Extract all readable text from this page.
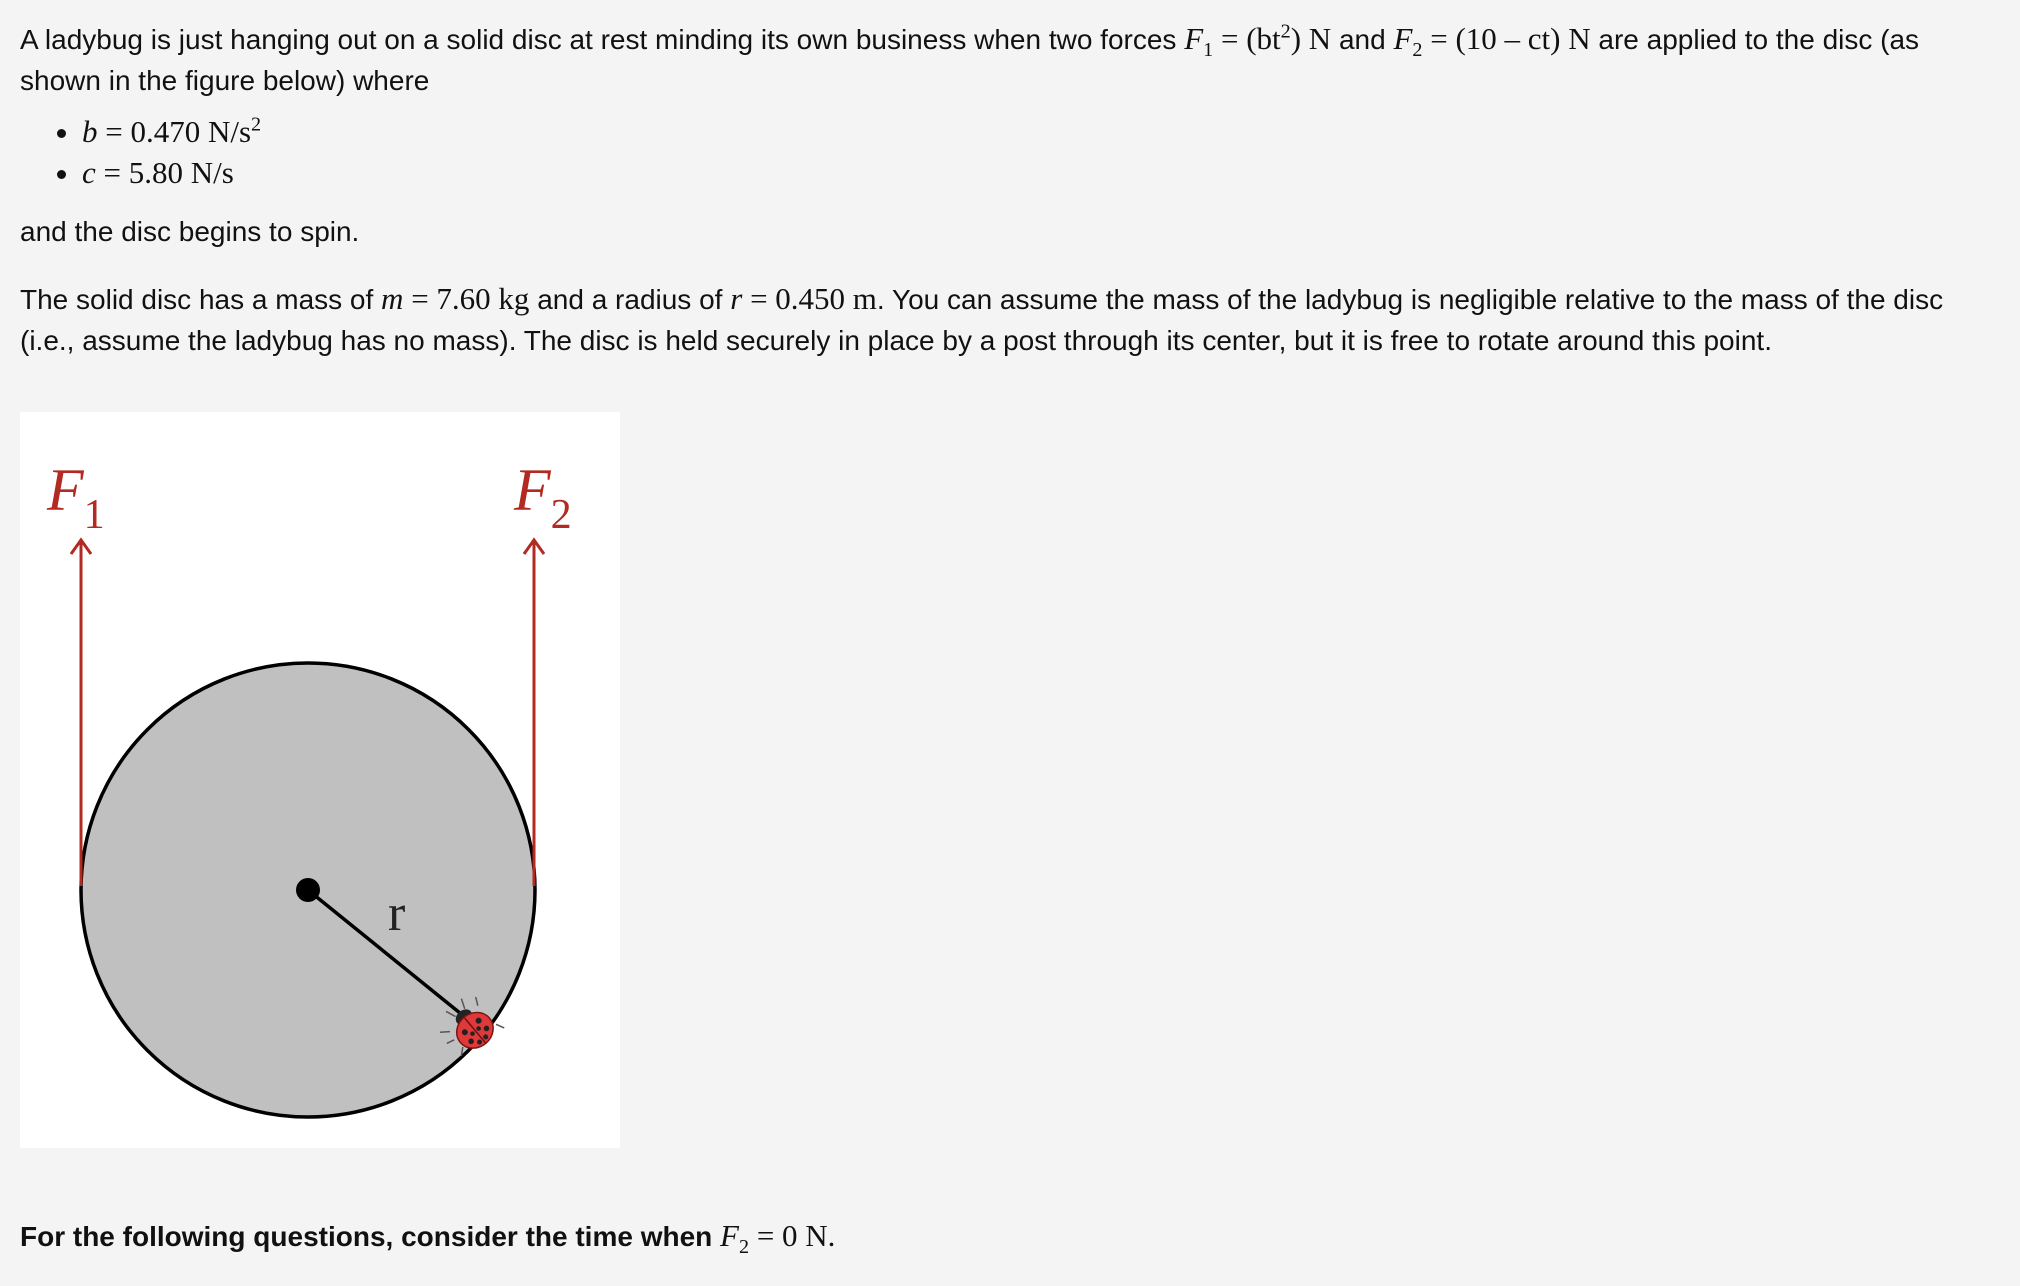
A ladybug is just hanging out on a solid disc at rest minding its own business when two forces $F_1 = (bt^2)$ N and $F_2 = (10 - ct)$ N are applied to the disc (as shown in the figure below) where

• b = 0.470 $N/s^2$
• c = 5.80 N/s

and the disc begins to spin.

The solid disc has a mass of m = 7.60 kg and a radius of r = 0.450 m. You can assume the mass of the ladybug is negligible relative to the mass of the disc (i.e., assume the ladybug has no mass). The disc is held securely in place by a post through its center, but it is free to rotate around this point.

$F_1$	$F_2$
r
For the following questions, consider the time when $F_2 = 0$ N.
